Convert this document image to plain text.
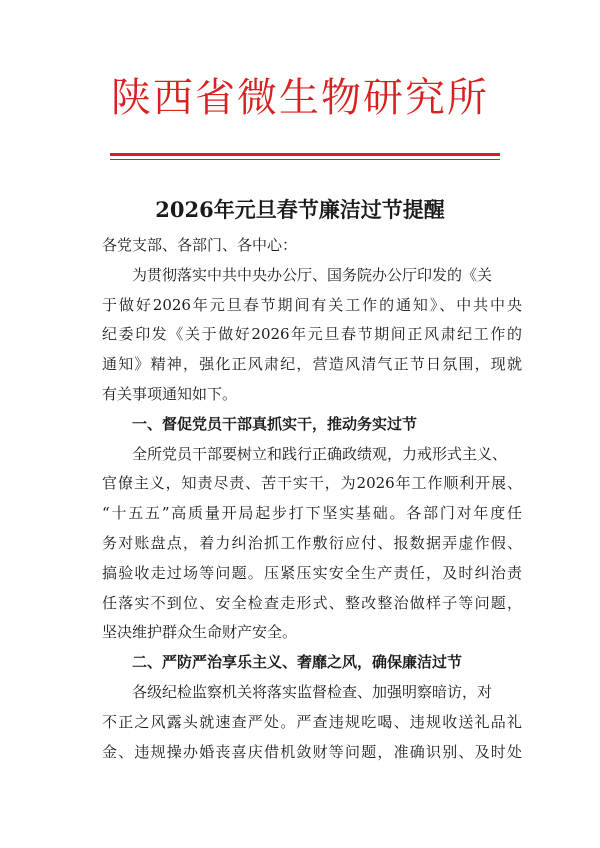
陕西省微生物研究所
2026年元旦春节廉洁过节提醒
各党支部、各部门、各中心：
为贯彻落实中共中央办公厅、国务院办公厅印发的《关
于做好2026年元旦春节期间有关工作的通知》、中共中央
纪委印发《关于做好2026年元旦春节期间正风肃纪工作的
通知》精神，强化正风肃纪，营造风清气正节日氛围，现就
有关事项通知如下。
一、督促党员干部真抓实干，推动务实过节
全所党员干部要树立和践行正确政绩观，力戒形式主义、
官僚主义，知责尽责、苦干实干，为2026年工作顺利开展、
“十五五”高质量开局起步打下坚实基础。各部门对年度任
务对账盘点，着力纠治抓工作敷衍应付、报数据弄虚作假、
搞验收走过场等问题。压紧压实安全生产责任，及时纠治责
任落实不到位、安全检查走形式、整改整治做样子等问题，
坚决维护群众生命财产安全。
二、严防严治享乐主义、奢靡之风，确保廉洁过节
各级纪检监察机关将落实监督检查、加强明察暗访，对
不正之风露头就速查严处。严查违规吃喝、违规收送礼品礼
金、违规操办婚丧喜庆借机敛财等问题，准确识别、及时处
